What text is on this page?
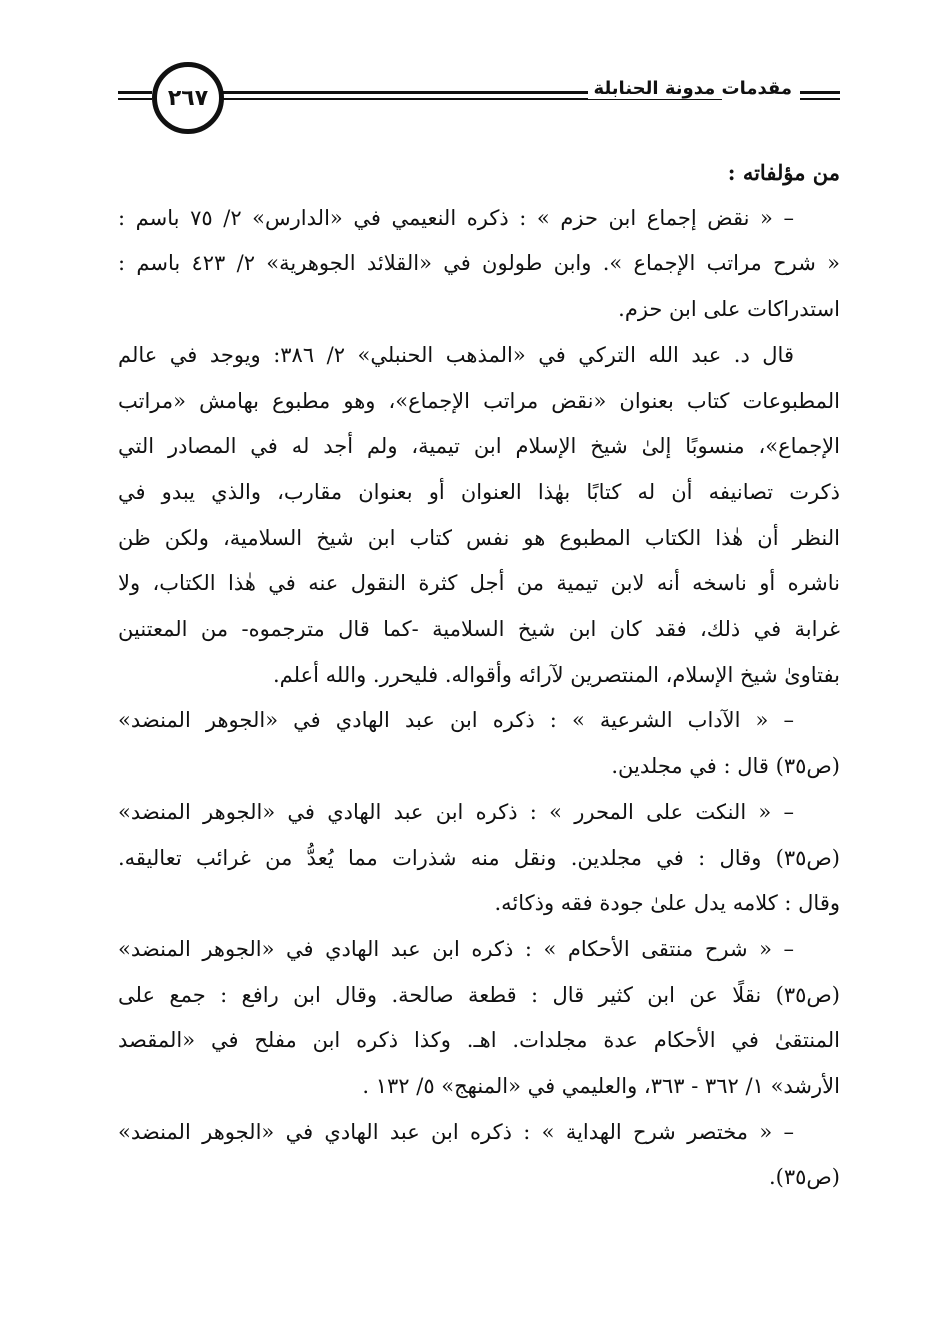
٢٦٧	مقدمات مدونة الحنابلة

من مؤلفاته :

– « نقض إجماع ابن حزم » : ذكره النعيمي في «الدارس» ٢/ ٧٥ باسم :
« شرح مراتب الإجماع ». وابن طولون في «القلائد الجوهرية» ٢/ ٤٢٣ باسم :
استدراكات على ابن حزم.

قال د. عبد الله التركي في «المذهب الحنبلي» ٢/ ٣٨٦: ويوجد في عالم
المطبوعات كتاب بعنوان «نقض مراتب الإجماع»، وهو مطبوع بهامش «مراتب
الإجماع»، منسوبًا إلىٰ شيخ الإسلام ابن تيمية، ولم أجد له في المصادر التي
ذكرت تصانيفه أن له كتابًا بهٰذا العنوان أو بعنوان مقارب، والذي يبدو في
النظر أن هٰذا الكتاب المطبوع هو نفس كتاب ابن شيخ السلامية، ولكن ظن
ناشره أو ناسخه أنه لابن تيمية من أجل كثرة النقول عنه في هٰذا الكتاب، ولا
غرابة في ذلك، فقد كان ابن شيخ السلامية -كما قال مترجموه- من المعتنين
بفتاوىٰ شيخ الإسلام، المنتصرين لآرائه وأقواله. فليحرر. والله أعلم.

– « الآداب الشرعية » : ذكره ابن عبد الهادي في «الجوهر المنضد»
(ص٣٥) قال : في مجلدين.

– « النكت على المحرر » : ذكره ابن عبد الهادي في «الجوهر المنضد»
(ص٣٥) وقال : في مجلدين. ونقل منه شذرات مما يُعدُّ من غرائب تعاليقه.
وقال : كلامه يدل علىٰ جودة فقه وذكائه.

– « شرح منتقى الأحكام » : ذكره ابن عبد الهادي في «الجوهر المنضد»
(ص٣٥) نقلًا عن ابن كثير قال : قطعة صالحة. وقال ابن رافع : جمع على
المنتقىٰ في الأحكام عدة مجلدات. اهـ. وكذا ذكره ابن مفلح في «المقصد
الأرشد» ١/ ٣٦٢ - ٣٦٣، والعليمي في «المنهج» ٥/ ١٣٢ .

– « مختصر شرح الهداية » : ذكره ابن عبد الهادي في «الجوهر المنضد»
(ص٣٥).
